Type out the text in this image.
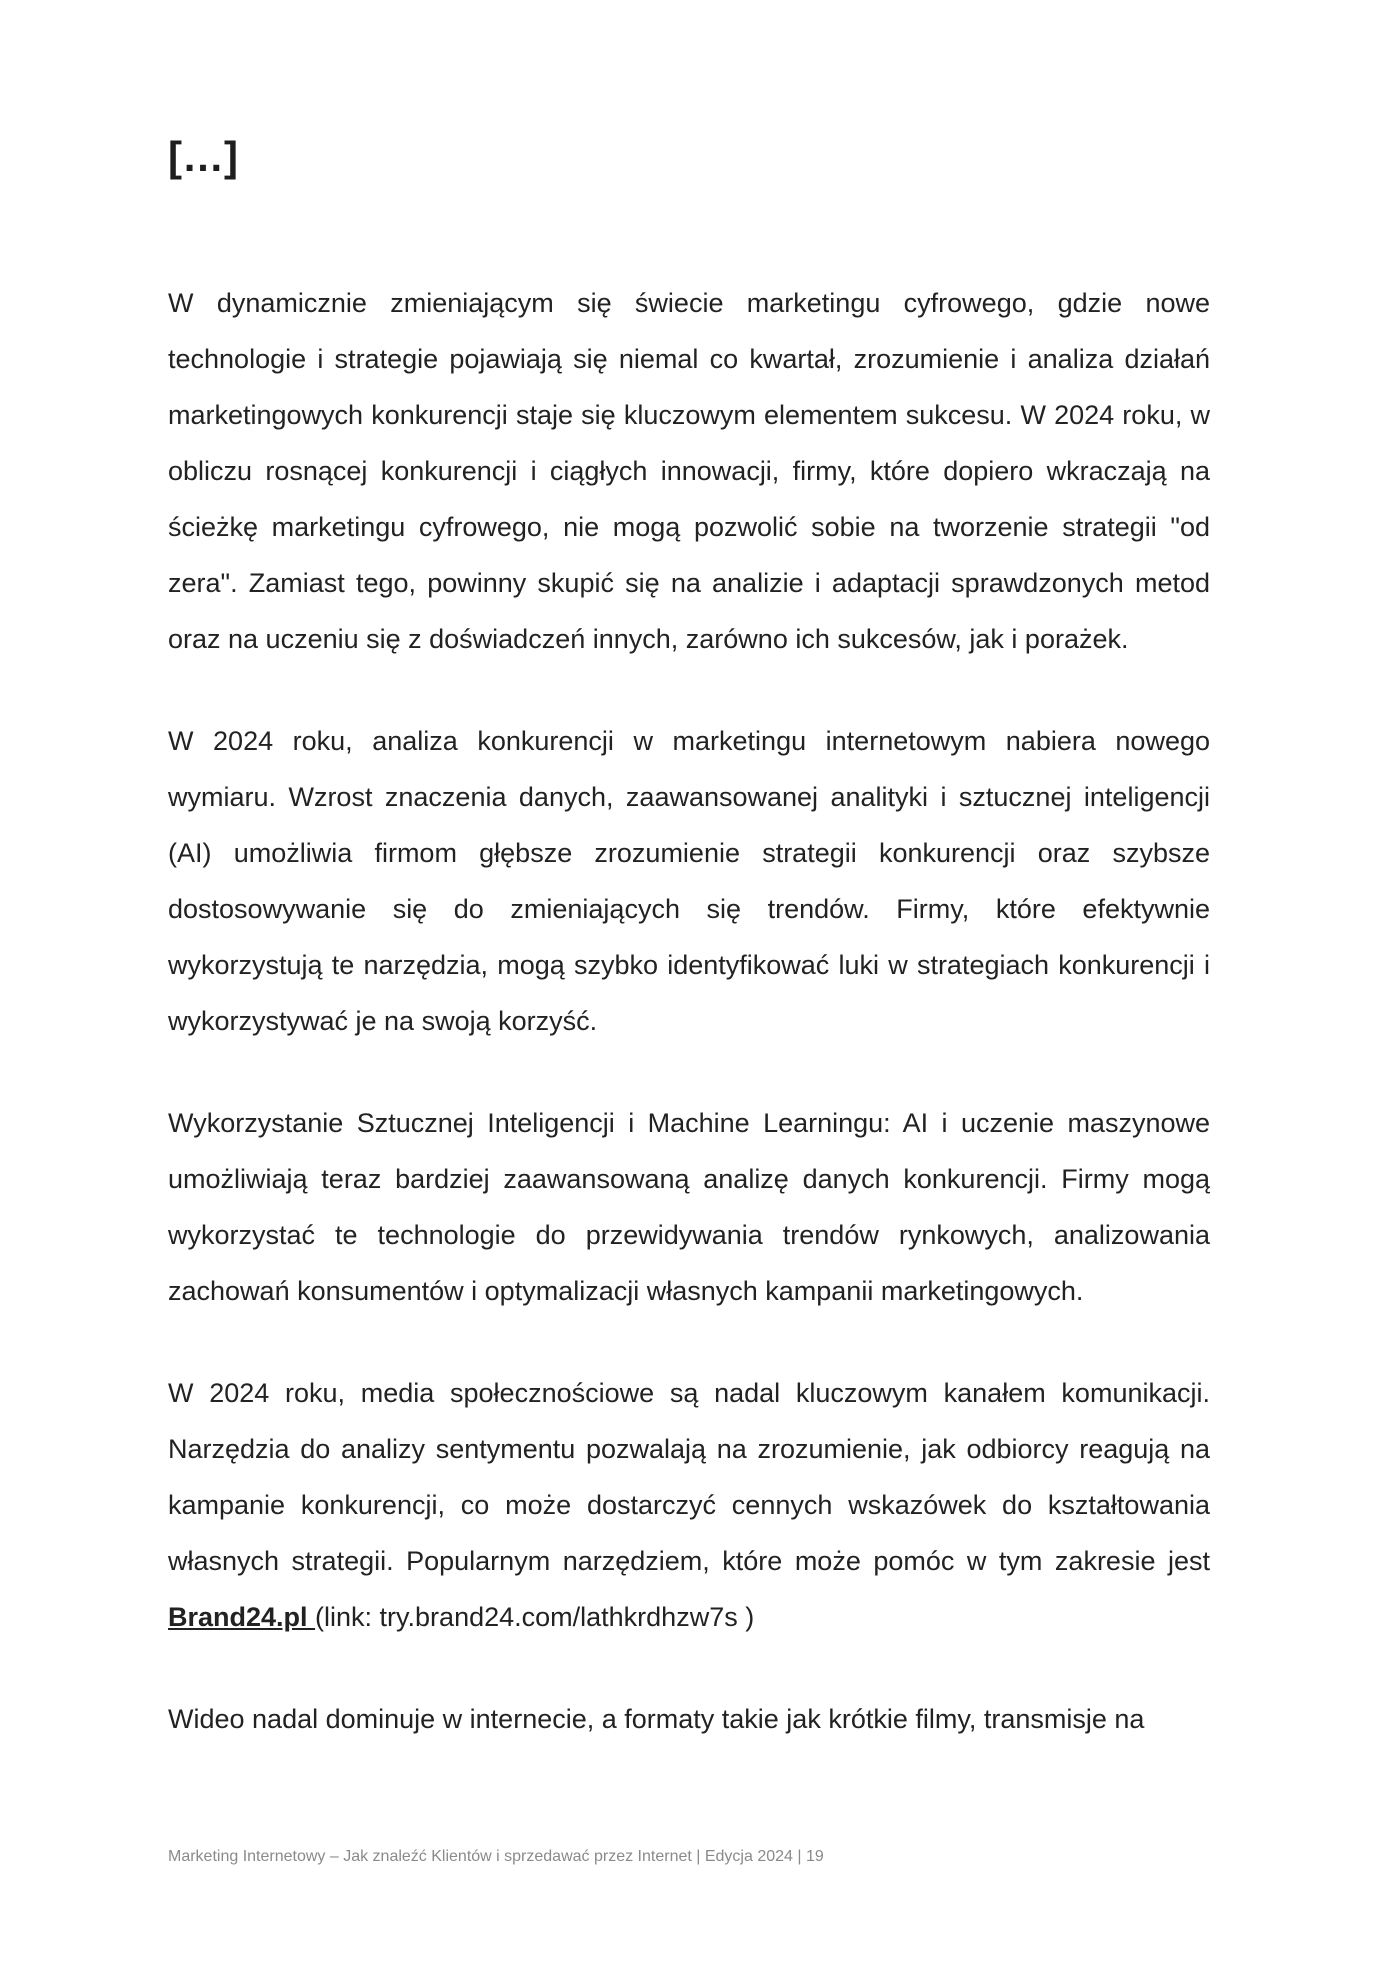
[…]

W dynamicznie zmieniającym się świecie marketingu cyfrowego, gdzie nowe technologie i strategie pojawiają się niemal co kwartał, zrozumienie i analiza działań marketingowych konkurencji staje się kluczowym elementem sukcesu. W 2024 roku, w obliczu rosnącej konkurencji i ciągłych innowacji, firmy, które dopiero wkraczają na ścieżkę marketingu cyfrowego, nie mogą pozwolić sobie na tworzenie strategii "od zera". Zamiast tego, powinny skupić się na analizie i adaptacji sprawdzonych metod oraz na uczeniu się z doświadczeń innych, zarówno ich sukcesów, jak i porażek.

W 2024 roku, analiza konkurencji w marketingu internetowym nabiera nowego wymiaru. Wzrost znaczenia danych, zaawansowanej analityki i sztucznej inteligencji (AI) umożliwia firmom głębsze zrozumienie strategii konkurencji oraz szybsze dostosowywanie się do zmieniających się trendów. Firmy, które efektywnie wykorzystują te narzędzia, mogą szybko identyfikować luki w strategiach konkurencji i wykorzystywać je na swoją korzyść.

Wykorzystanie Sztucznej Inteligencji i Machine Learningu: AI i uczenie maszynowe umożliwiają teraz bardziej zaawansowaną analizę danych konkurencji. Firmy mogą wykorzystać te technologie do przewidywania trendów rynkowych, analizowania zachowań konsumentów i optymalizacji własnych kampanii marketingowych.

W 2024 roku, media społecznościowe są nadal kluczowym kanałem komunikacji. Narzędzia do analizy sentymentu pozwalają na zrozumienie, jak odbiorcy reagują na kampanie konkurencji, co może dostarczyć cennych wskazówek do kształtowania własnych strategii. Popularnym narzędziem, które może pomóc w tym zakresie jest Brand24.pl (link: try.brand24.com/lathkrdhzw7s )

Wideo nadal dominuje w internecie, a formaty takie jak krótkie filmy, transmisje na

Marketing Internetowy – Jak znaleźć Klientów i sprzedawać przez Internet | Edycja 2024 | 19
